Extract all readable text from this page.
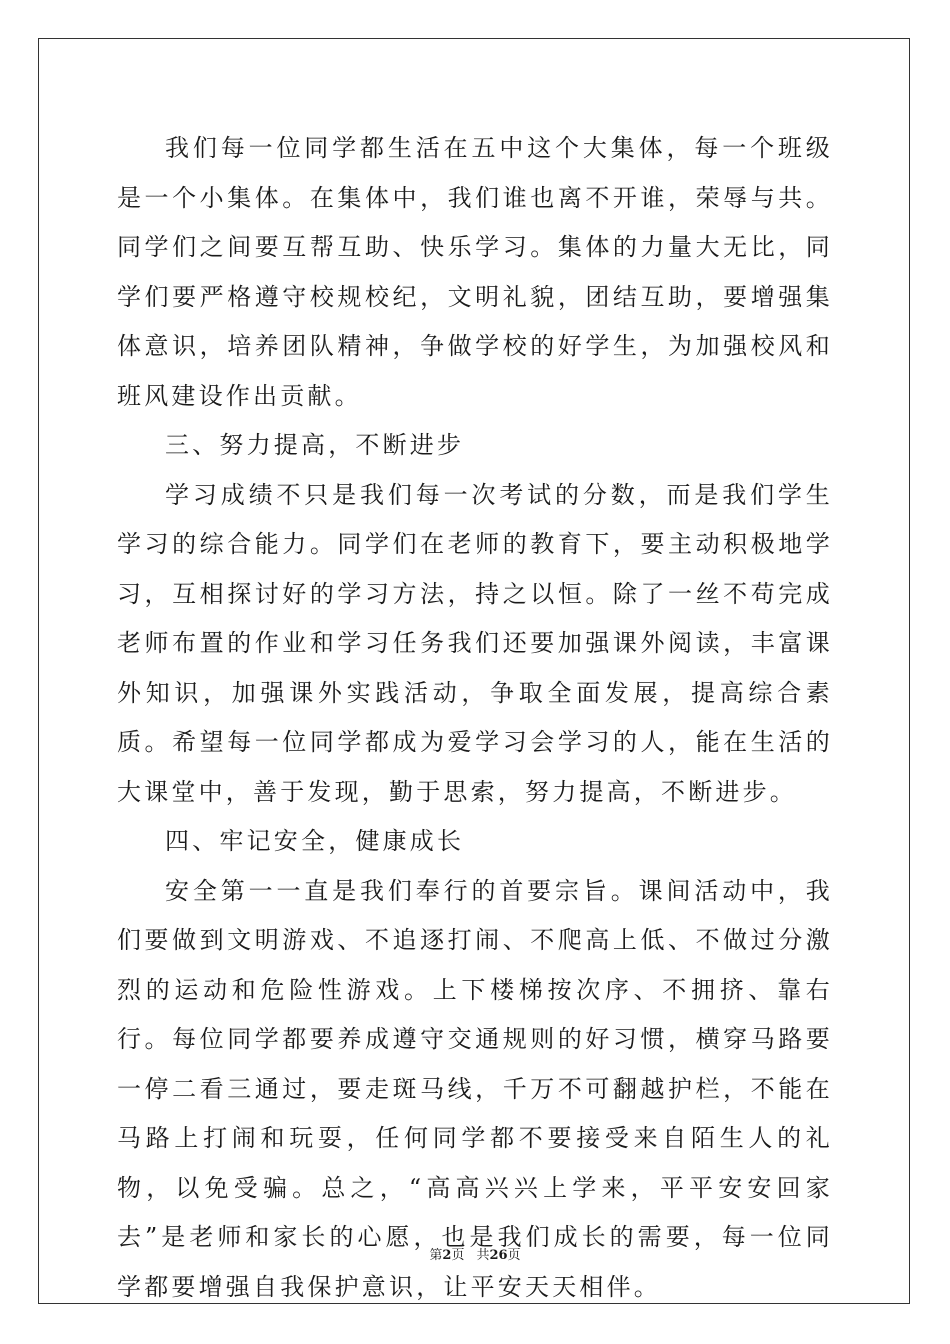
我们每一位同学都生活在五中这个大集体，每一个班级是一个小集体。在集体中，我们谁也离不开谁，荣辱与共。同学们之间要互帮互助、快乐学习。集体的力量大无比，同学们要严格遵守校规校纪，文明礼貌，团结互助，要增强集体意识，培养团队精神，争做学校的好学生，为加强校风和班风建设作出贡献。

三、努力提高，不断进步

学习成绩不只是我们每一次考试的分数，而是我们学生学习的综合能力。同学们在老师的教育下，要主动积极地学习，互相探讨好的学习方法，持之以恒。除了一丝不苟完成老师布置的作业和学习任务我们还要加强课外阅读，丰富课外知识，加强课外实践活动，争取全面发展，提高综合素质。希望每一位同学都成为爱学习会学习的人，能在生活的大课堂中，善于发现，勤于思索，努力提高，不断进步。

四、牢记安全，健康成长

安全第一一直是我们奉行的首要宗旨。课间活动中，我们要做到文明游戏、不追逐打闹、不爬高上低、不做过分激烈的运动和危险性游戏。上下楼梯按次序、不拥挤、靠右行。每位同学都要养成遵守交通规则的好习惯，横穿马路要一停二看三通过，要走斑马线，千万不可翻越护栏，不能在马路上打闹和玩耍，任何同学都不要接受来自陌生人的礼物，以免受骗。总之，“高高兴兴上学来，平平安安回家去”是老师和家长的心愿，也是我们成长的需要，每一位同学都要增强自我保护意识，让平安天天相伴。

第2页 共26页
